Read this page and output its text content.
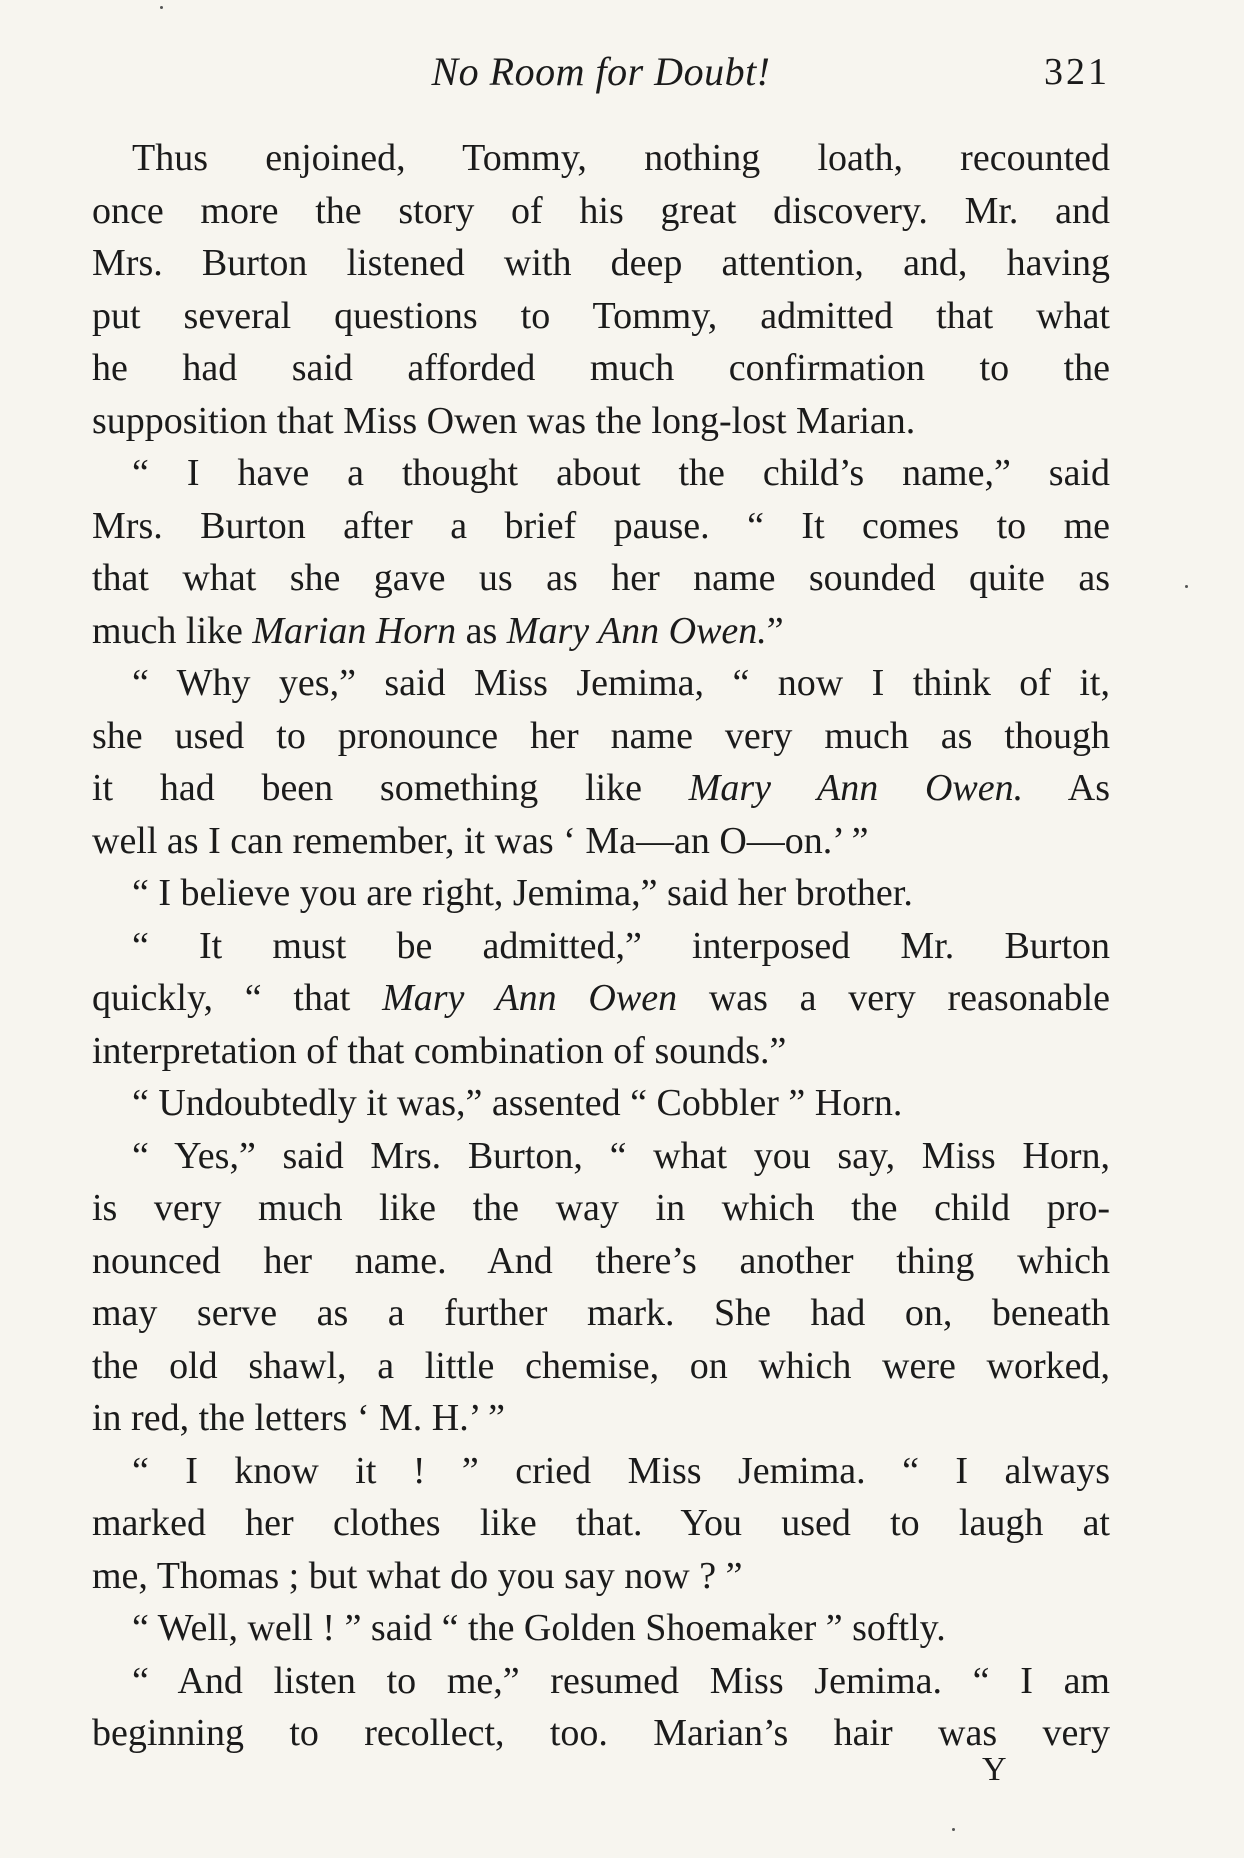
No Room for Doubt!	321
Thus enjoined, Tommy, nothing loath, recounted
once more the story of his great discovery. Mr. and
Mrs. Burton listened with deep attention, and, having
put several questions to Tommy, admitted that what
he had said afforded much confirmation to the
supposition that Miss Owen was the long-lost Marian.
“ I have a thought about the child’s name,” said
Mrs. Burton after a brief pause. “ It comes to me
that what she gave us as her name sounded quite as
much like Marian Horn as Mary Ann Owen.”
“ Why yes,” said Miss Jemima, “ now I think of it,
she used to pronounce her name very much as though
it had been something like Mary Ann Owen. As
well as I can remember, it was ‘ Ma—an O—on.’ ”
“ I believe you are right, Jemima,” said her brother.
“ It must be admitted,” interposed Mr. Burton
quickly, “ that Mary Ann Owen was a very reasonable
interpretation of that combination of sounds.”
“ Undoubtedly it was,” assented “ Cobbler ” Horn.
“ Yes,” said Mrs. Burton, “ what you say, Miss Horn,
is very much like the way in which the child pro-
nounced her name. And there’s another thing which
may serve as a further mark. She had on, beneath
the old shawl, a little chemise, on which were worked,
in red, the letters ‘ M. H.’ ”
“ I know it ! ” cried Miss Jemima. “ I always
marked her clothes like that. You used to laugh at
me, Thomas ; but what do you say now ? ”
“ Well, well ! ” said “ the Golden Shoemaker ” softly.
“ And listen to me,” resumed Miss Jemima. “ I am
beginning to recollect, too. Marian’s hair was very
Y
